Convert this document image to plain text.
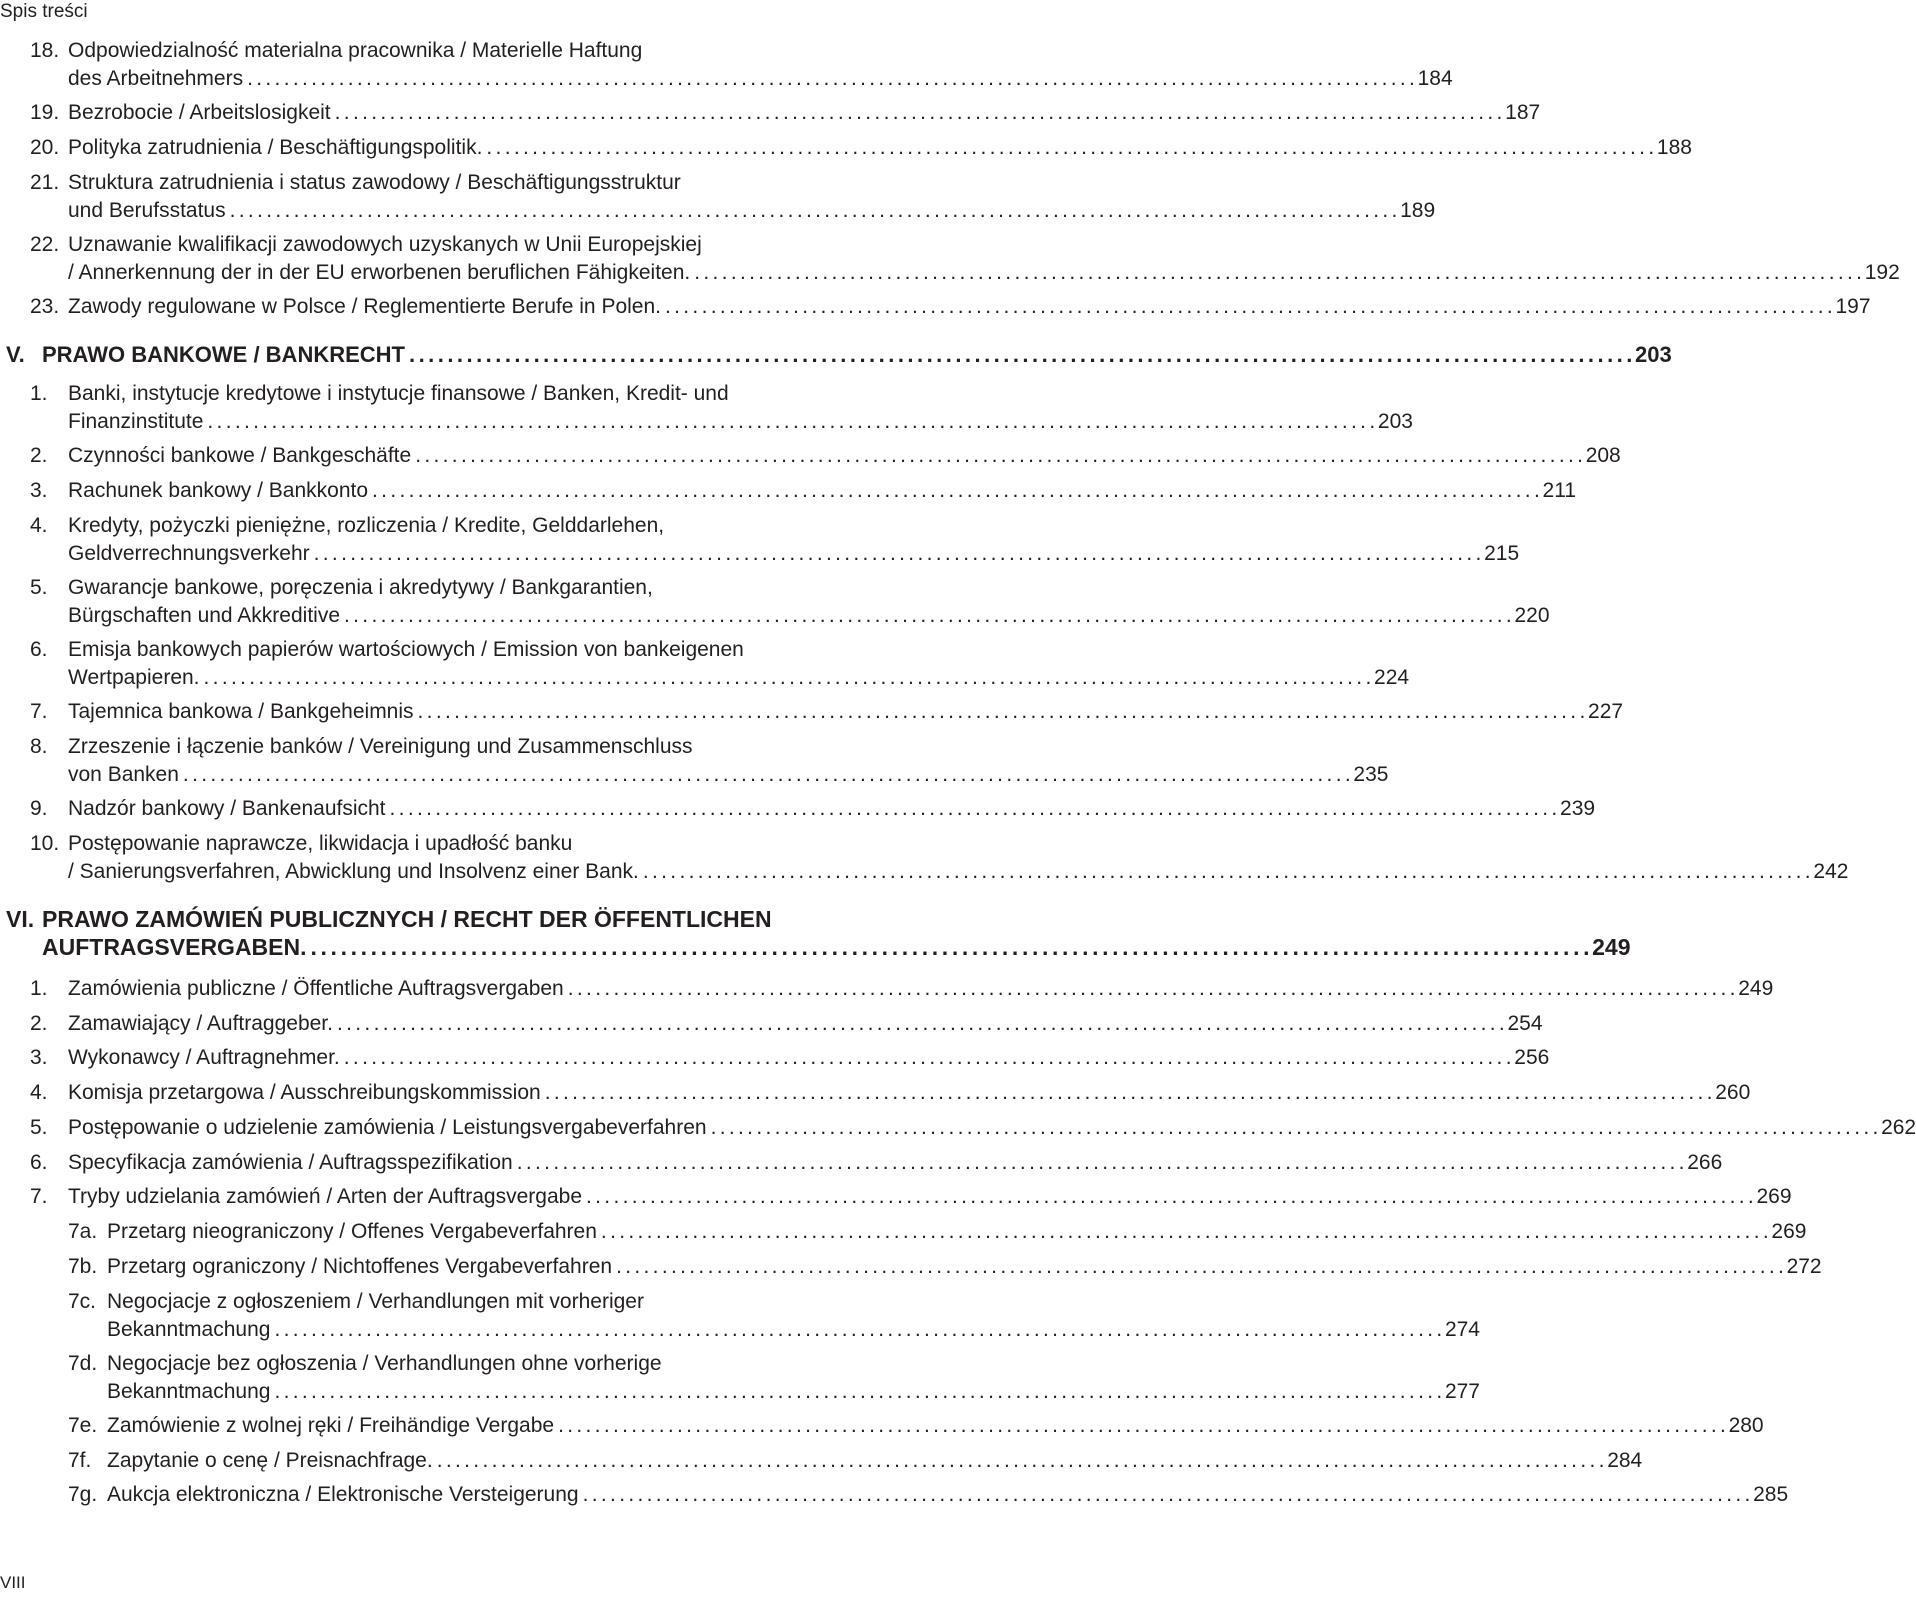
Spis treści
18. Odpowiedzialność materialna pracownika / Materielle Haftung
des Arbeitnehmers . . .	184
19. Bezrobocie / Arbeitslosigkeit . . .	187
20. Polityka zatrudnienia / Beschäftigungspolitik. . . .	188
21. Struktura zatrudnienia i status zawodowy / Beschäftigungsstruktur
und Berufsstatus . . .	189
22. Uznawanie kwalifikacji zawodowych uzyskanych w Unii Europejskiej
/ Annerkennung der in der EU erworbenen beruflichen Fähigkeiten. . . .	192
23. Zawody regulowane w Polsce / Reglementierte Berufe in Polen. . . .	197
V. PRAWO BANKOWE / BANKRECHT . . .	203
1. Banki, instytucje kredytowe i instytucje finansowe / Banken, Kredit- und
Finanzinstitute . . .	203
2. Czynności bankowe / Bankgeschäfte . . .	208
3. Rachunek bankowy / Bankkonto . . .	211
4. Kredyty, pożyczki pieniężne, rozliczenia / Kredite, Gelddarlehen,
Geldverrechnungsverkehr . . .	215
5. Gwarancje bankowe, poręczenia i akredytywy / Bankgarantien,
Bürgschaften und Akkreditive . . .	220
6. Emisja bankowych papierów wartościowych / Emission von bankeigenen
Wertpapieren. . . .	224
7. Tajemnica bankowa / Bankgeheimnis . . .	227
8. Zrzeszenie i łączenie banków / Vereinigung und Zusammenschluss
von Banken . . .	235
9. Nadzór bankowy / Bankenaufsicht . . .	239
10. Postępowanie naprawcze, likwidacja i upadłość banku
/ Sanierungsverfahren, Abwicklung und Insolvenz einer Bank. . . .	242
VI. PRAWO ZAMÓWIEŃ PUBLICZNYCH / RECHT DER ÖFFENTLICHEN
AUFTRAGSVERGABEN. . . .	249
1. Zamówienia publiczne / Öffentliche Auftragsvergaben . . .	249
2. Zamawiający / Auftraggeber. . . .	254
3. Wykonawcy / Auftragnehmer. . . .	256
4. Komisja przetargowa / Ausschreibungskommission . . .	260
5. Postępowanie o udzielenie zamówienia / Leistungsvergabeverfahren . . .	262
6. Specyfikacja zamówienia / Auftragsspezifikation . . .	266
7. Tryby udzielania zamówień / Arten der Auftragsvergabe . . .	269
7a. Przetarg nieograniczony / Offenes Vergabeverfahren . . .	269
7b. Przetarg ograniczony / Nichtoffenes Vergabeverfahren . . .	272
7c. Negocjacje z ogłoszeniem / Verhandlungen mit vorheriger
Bekanntmachung . . .	274
7d. Negocjacje bez ogłoszenia / Verhandlungen ohne vorherige
Bekanntmachung . . .	277
7e. Zamówienie z wolnej ręki / Freihändige Vergabe . . .	280
7f. Zapytanie o cenę / Preisnachfrage. . . .	284
7g. Aukcja elektroniczna / Elektronische Versteigerung . . .	285
VIII
